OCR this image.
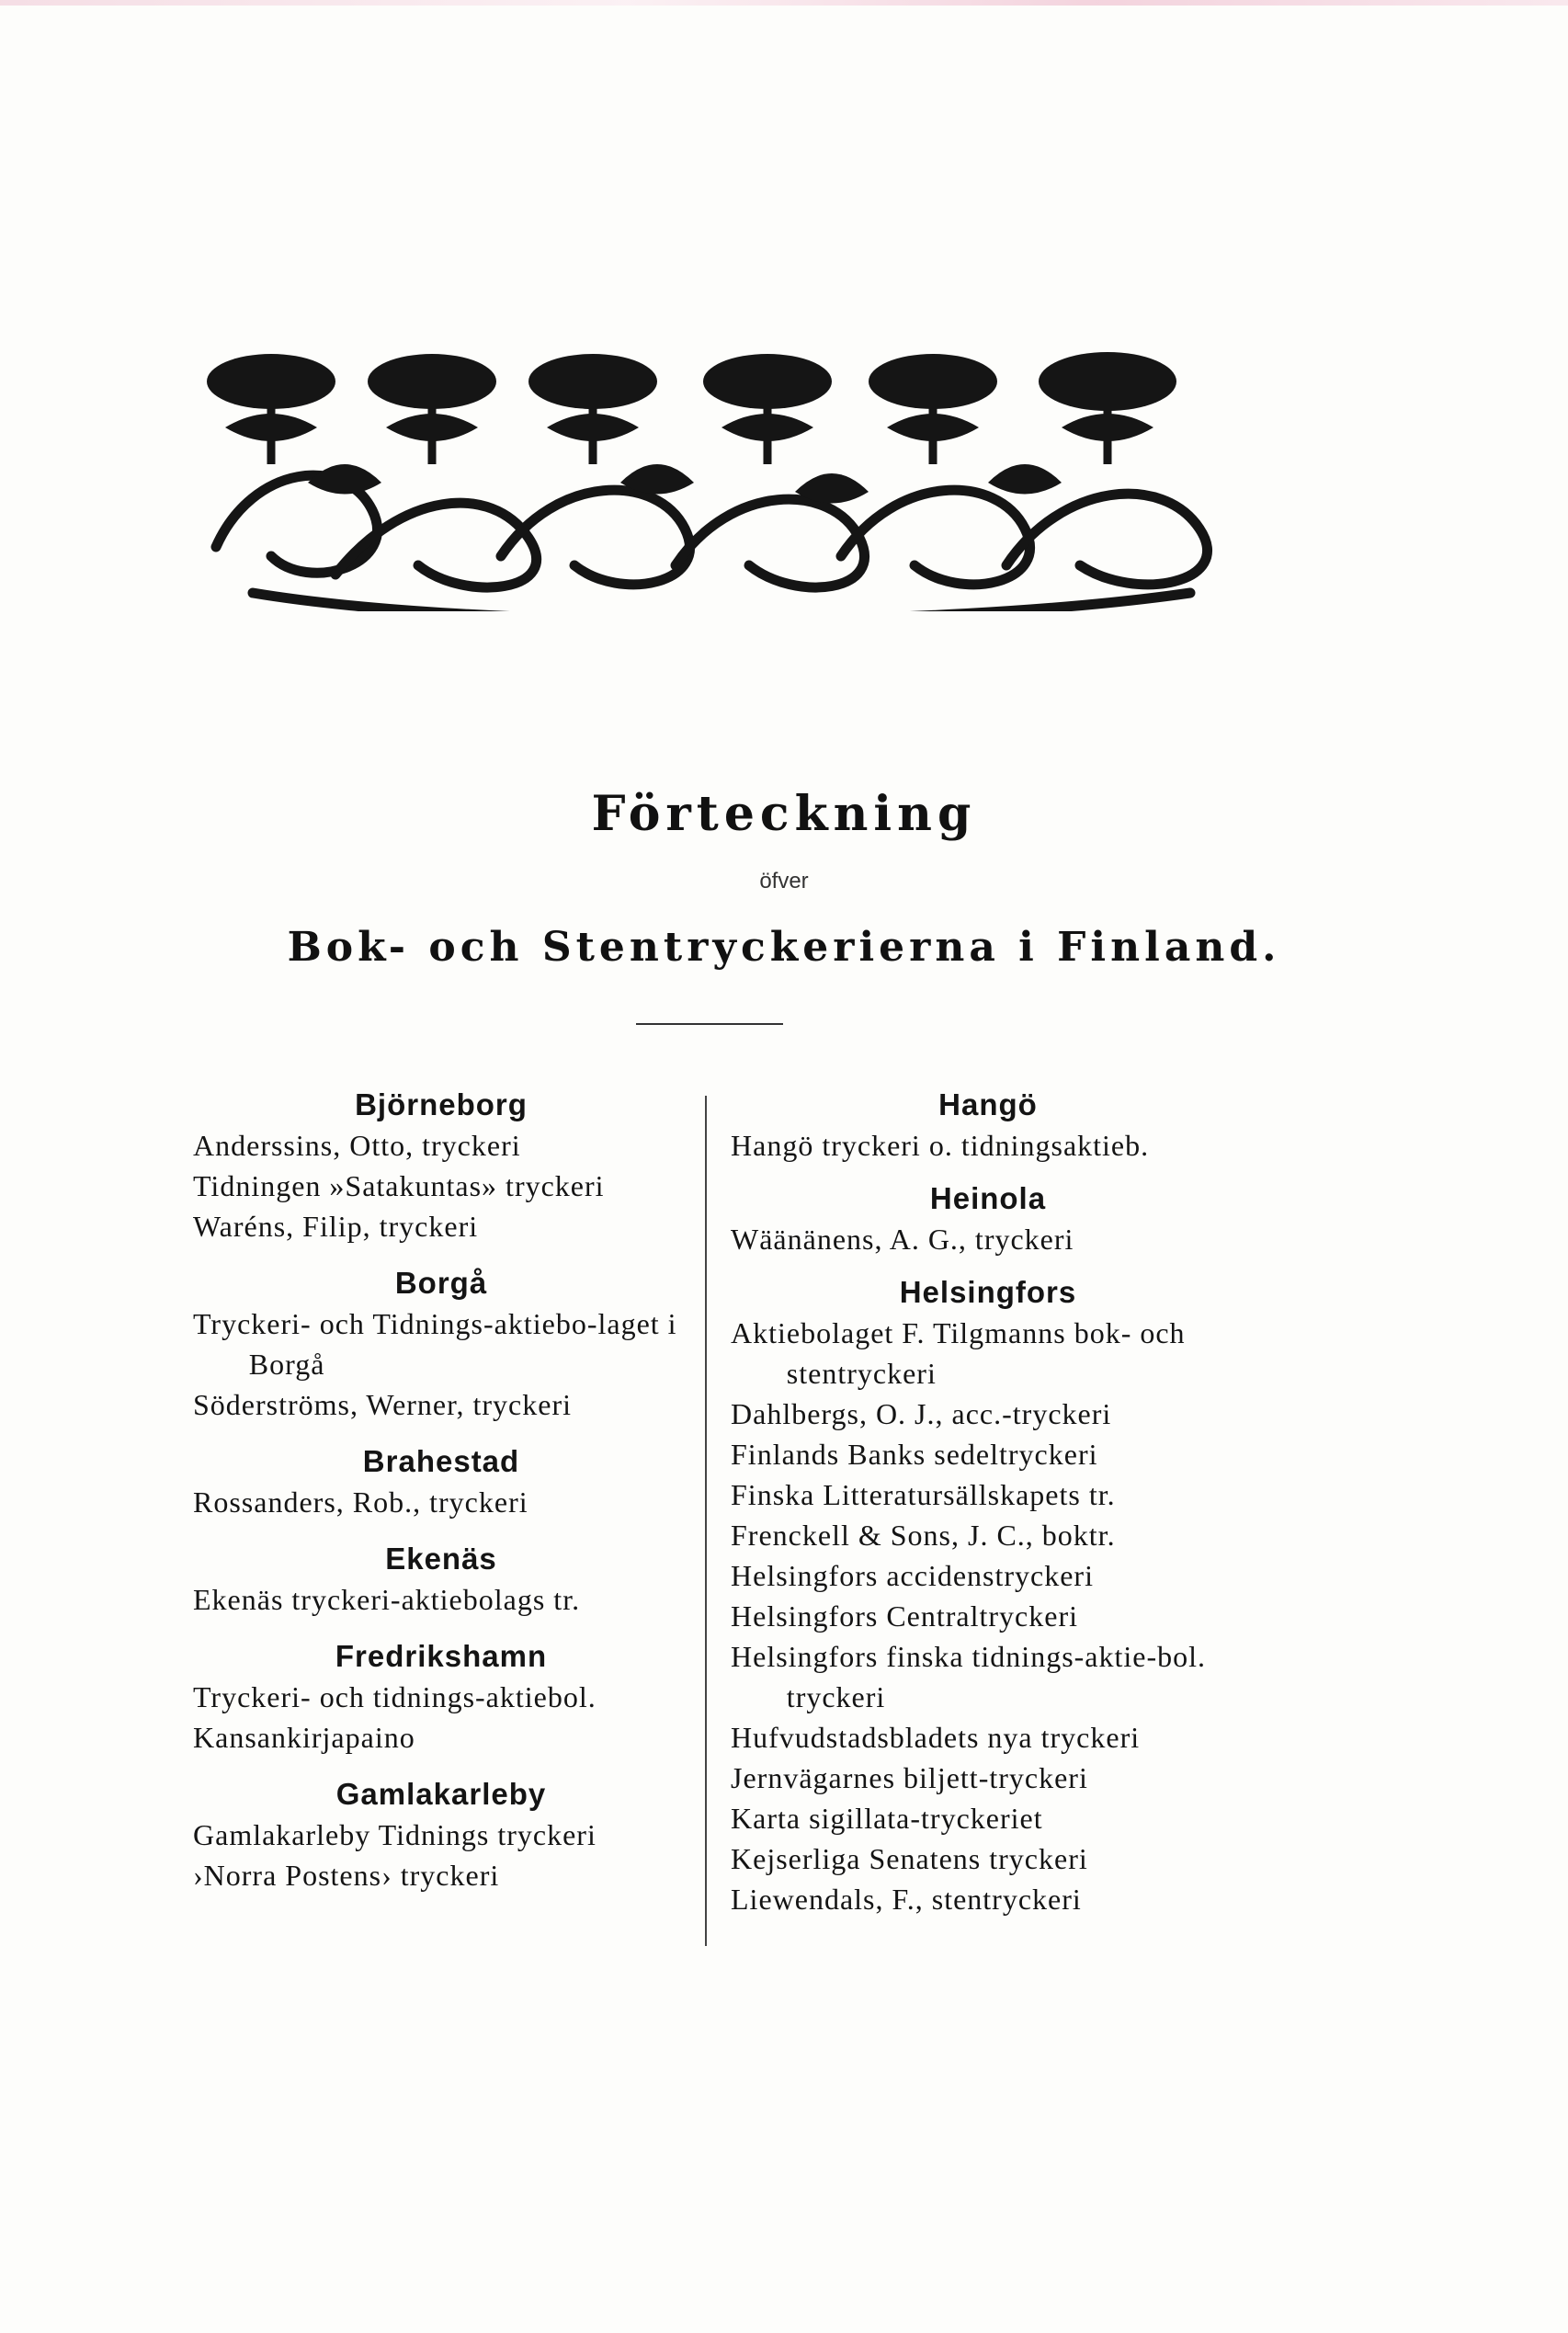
Förteckning
öfver
Bok- och Stentryckerierna i Finland.

Björneborg

Anderssins, Otto, tryckeri

Tidningen »Satakuntas» tryckeri

Waréns, Filip, tryckeri

Borgå

Tryckeri- och Tidnings-aktiebo-laget i Borgå

Söderströms, Werner, tryckeri

Brahestad

Rossanders, Rob., tryckeri

Ekenäs

Ekenäs tryckeri-aktiebolags tr.

Fredrikshamn

Tryckeri- och tidnings-aktiebol.

Kansankirjapaino

Gamlakarleby

Gamlakarleby Tidnings tryckeri

›Norra Postens› tryckeri

Hangö

Hangö tryckeri o. tidningsaktieb.

Heinola

Wäänänens, A. G., tryckeri

Helsingfors

Aktiebolaget F. Tilgmanns bok- och stentryckeri

Dahlbergs, O. J., acc.-tryckeri

Finlands Banks sedeltryckeri

Finska Litteratursällskapets tr.

Frenckell & Sons, J. C., boktr.

Helsingfors accidenstryckeri

Helsingfors Centraltryckeri

Helsingfors finska tidnings-aktie-bol. tryckeri

Hufvudstadsbladets nya tryckeri

Jernvägarnes biljett-tryckeri

Karta sigillata-tryckeriet

Kejserliga Senatens tryckeri

Liewendals, F., stentryckeri
